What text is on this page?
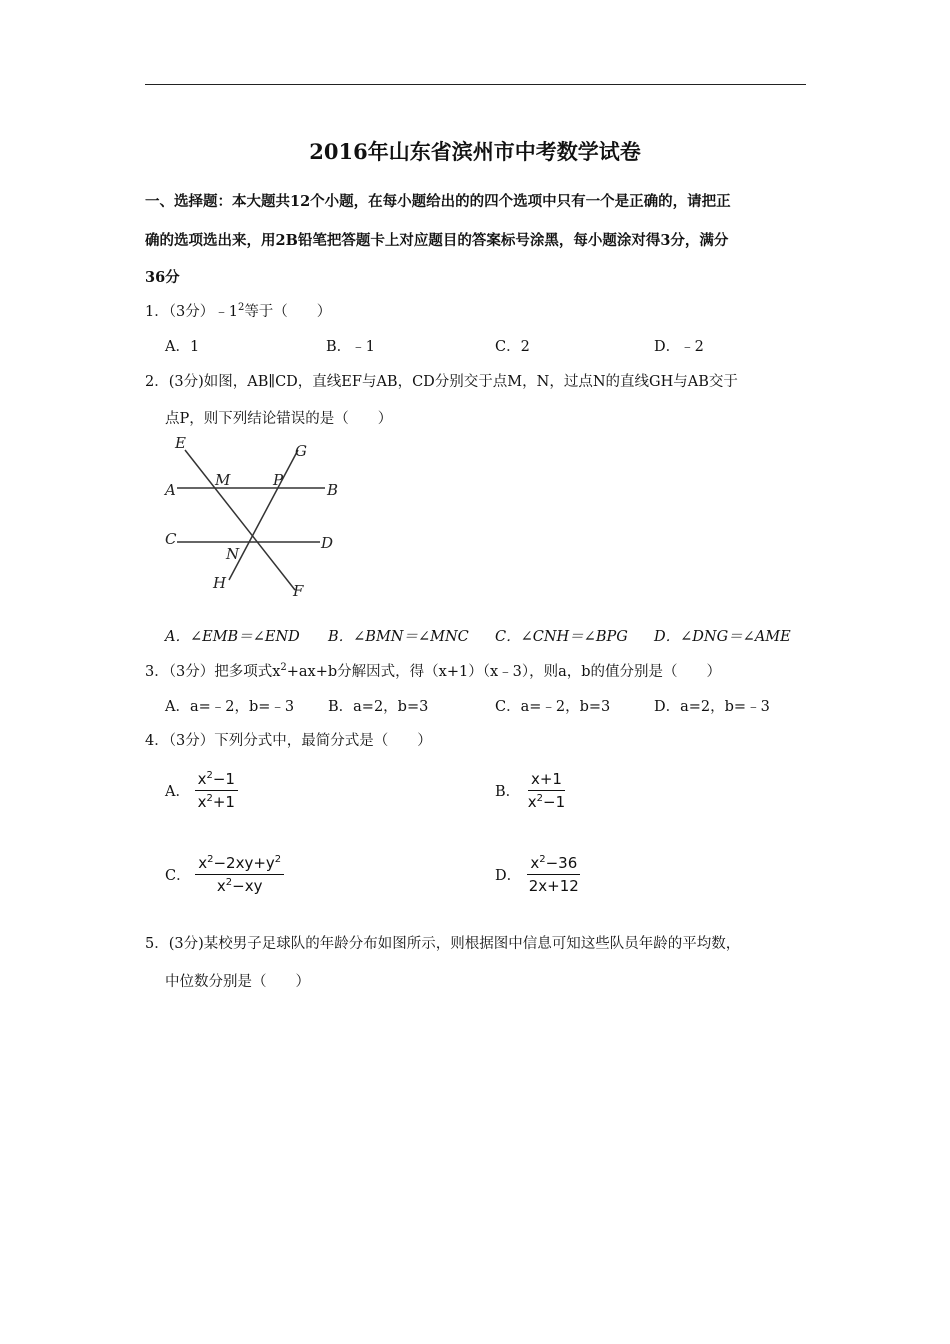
2016年山东省滨州市中考数学试卷
一、选择题：本大题共12个小题，在每小题给出的的四个选项中只有一个是正确的，请把正
确的选项选出来，用2B铅笔把答题卡上对应题目的答案标号涂黑，每小题涂对得3分，满分
36分
1．（3分）$﹣1^2$等于（　　）
A．1	B．﹣1	C．2	D．﹣2
2．(3分)如图，AB∥CD，直线EF与AB，CD分别交于点M，N，过点N的直线GH与AB交于
点P，则下列结论错误的是（　　）
E
M	P
G
A	B
C
N
D
H	F
A．∠EMB＝∠END B．∠BMN＝∠MNC C．∠CNH＝∠BPG D．∠DNG＝∠AME
3．（3分）把多项式$x^2+ax+b$分解因式，得（x+1）（x﹣3），则a，b的值分别是（　　）
A．a=﹣2，b=﹣3 B．a=2，b=3	C．a=﹣2，b=3	D．a=2，b=﹣3
4．（3分）下列分式中，最简分式是（　　）
A． $\frac{x^2-1}{x^2+1}$	B． $\frac{x+1}{x^2-1}$
C． $\frac{x^2-2xy+y^2}{x^2-xy}$	D． $\frac{x^2-36}{2x+12}$
5．(3分)某校男子足球队的年龄分布如图所示，则根据图中信息可知这些队员年龄的平均数，
中位数分别是（　　）
